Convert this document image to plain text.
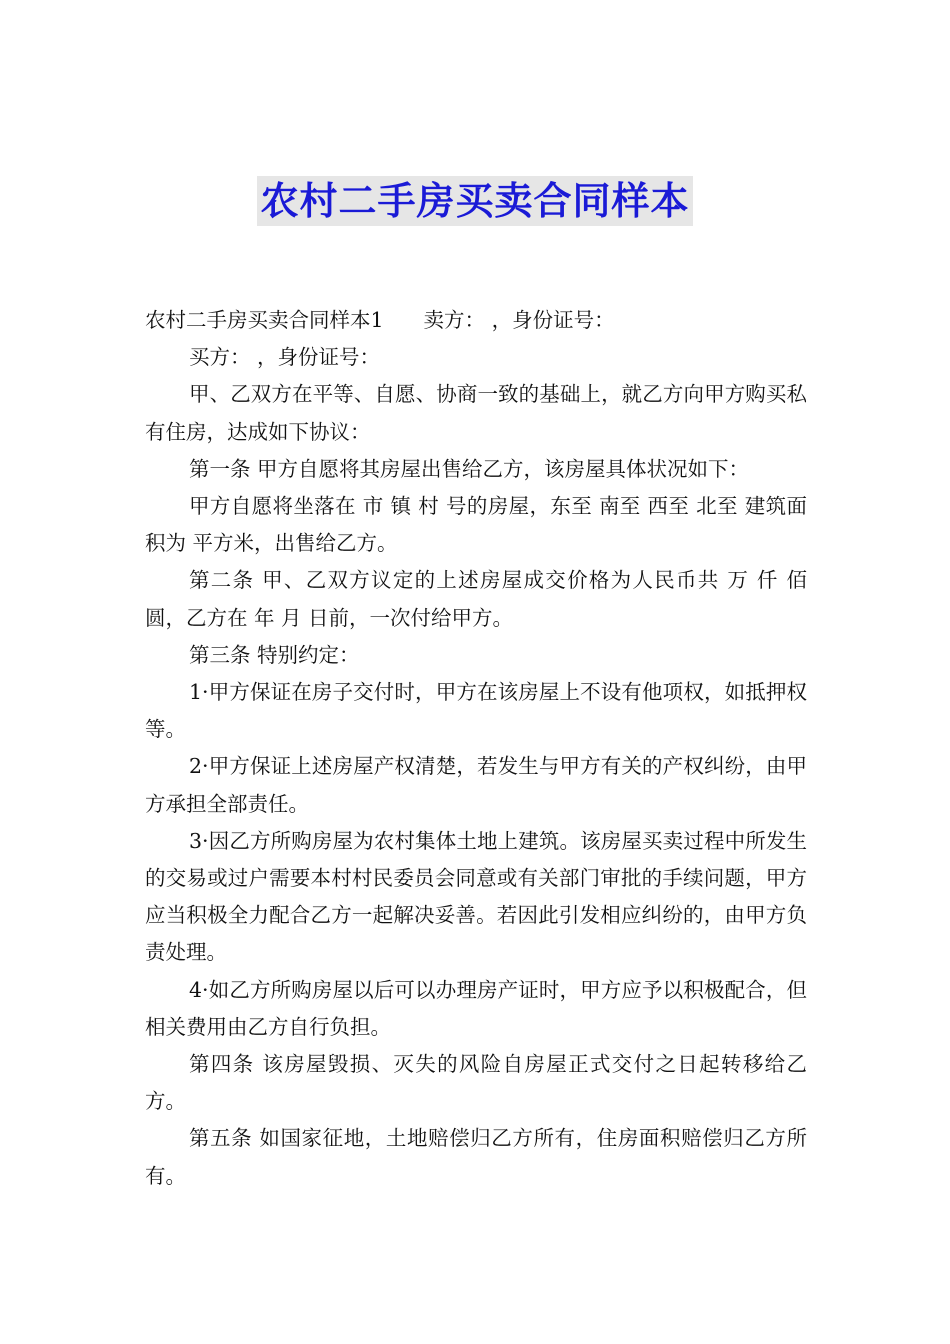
农村二手房买卖合同样本

农村二手房买卖合同样本1 卖方： ，身份证号：

买方： ，身份证号：

甲、乙双方在平等、自愿、协商一致的基础上，就乙方向甲方购买私有住房，达成如下协议：

第一条 甲方自愿将其房屋出售给乙方，该房屋具体状况如下：

甲方自愿将坐落在 市 镇 村 号的房屋，东至 南至 西至 北至 建筑面积为 平方米，出售给乙方。

第二条 甲、乙双方议定的上述房屋成交价格为人民币共 万 仟 佰圆，乙方在 年 月 日前，一次付给甲方。

第三条 特别约定：

1·甲方保证在房子交付时，甲方在该房屋上不设有他项权，如抵押权等。

2·甲方保证上述房屋产权清楚，若发生与甲方有关的产权纠纷，由甲方承担全部责任。

3·因乙方所购房屋为农村集体土地上建筑。该房屋买卖过程中所发生的交易或过户需要本村村民委员会同意或有关部门审批的手续问题，甲方应当积极全力配合乙方一起解决妥善。若因此引发相应纠纷的，由甲方负责处理。

4·如乙方所购房屋以后可以办理房产证时，甲方应予以积极配合，但 相关费用由乙方自行负担。

第四条 该房屋毁损、灭失的风险自房屋正式交付之日起转移给乙方。

第五条 如国家征地，土地赔偿归乙方所有，住房面积赔偿归乙方所有。
